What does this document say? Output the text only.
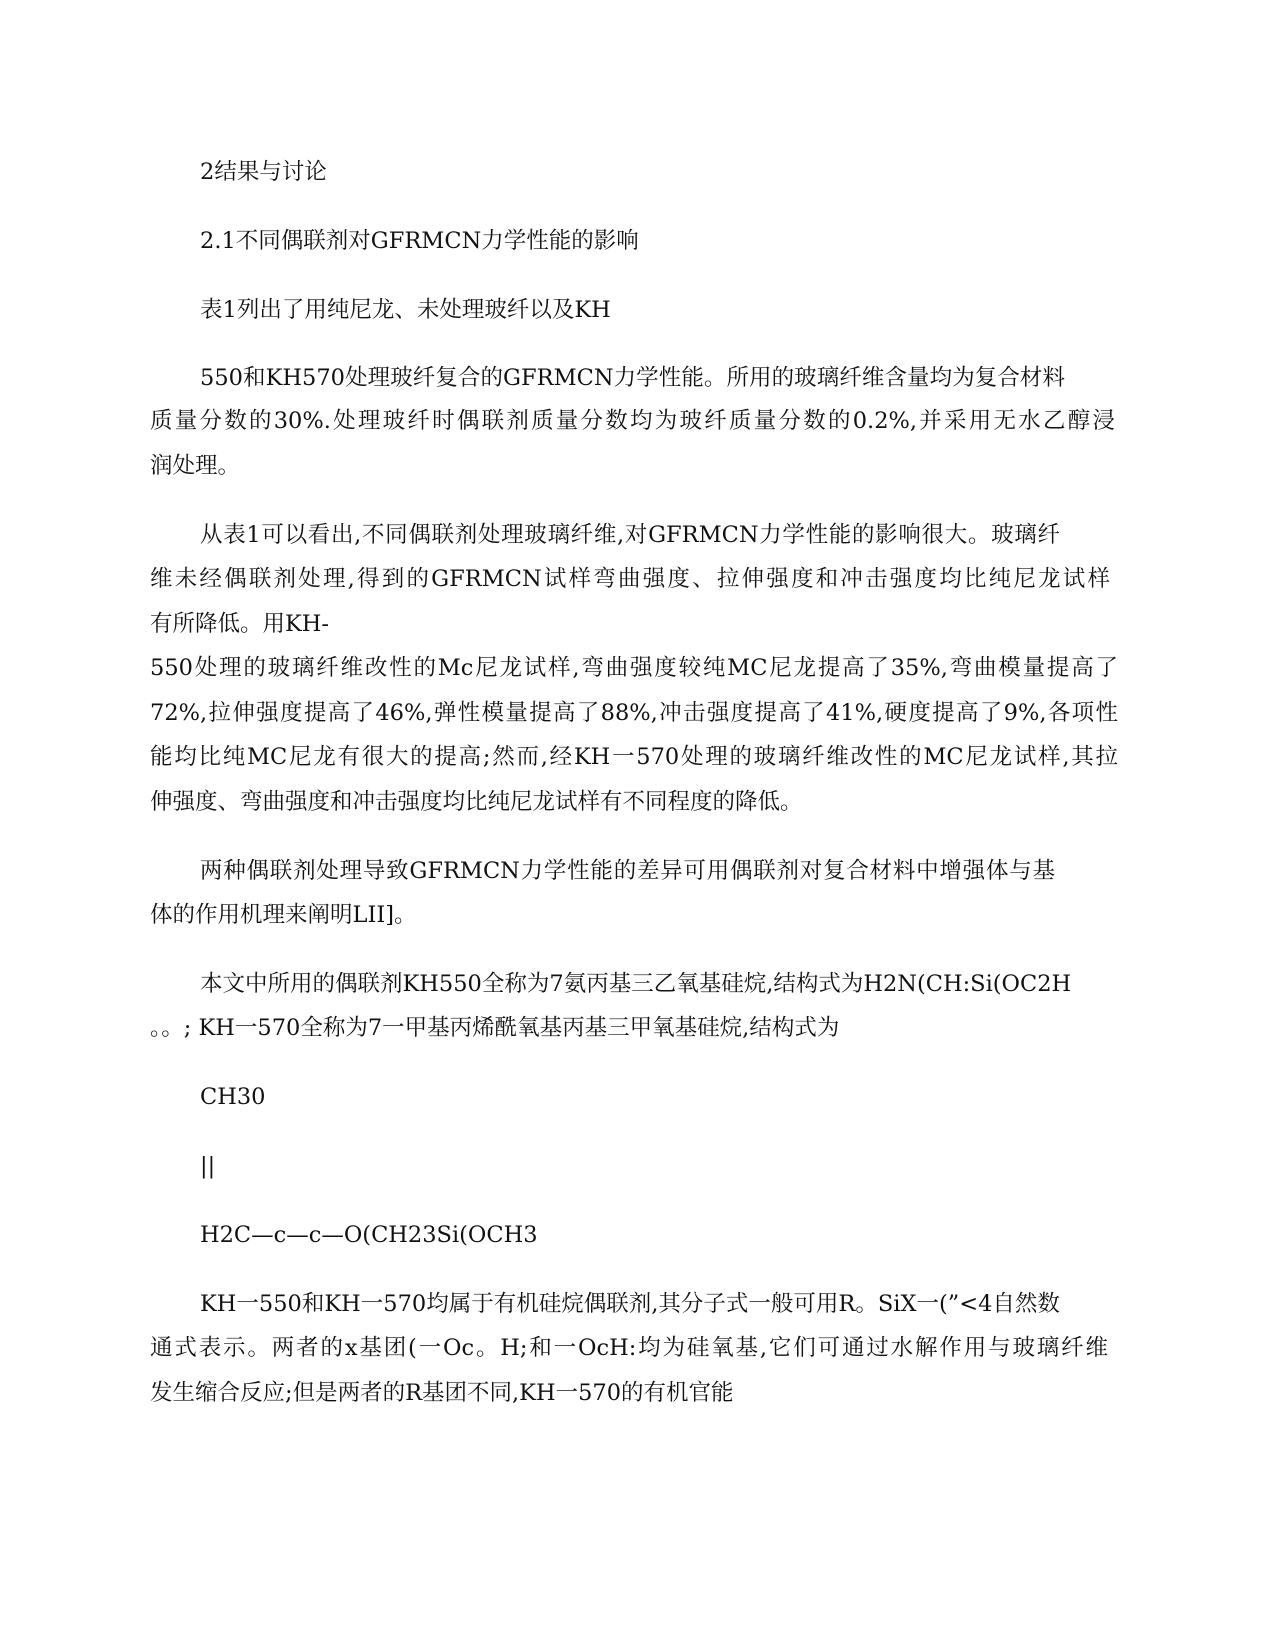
2结果与讨论
2.1不同偶联剂对GFRMCN力学性能的影响
表1列出了用纯尼龙、未处理玻纤以及KH
550和KH570处理玻纤复合的GFRMCN力学性能。所用的玻璃纤维含量均为复合材料
质量分数的30%.处理玻纤时偶联剂质量分数均为玻纤质量分数的0.2%,并采用无水乙醇浸
润处理。
从表1可以看出,不同偶联剂处理玻璃纤维,对GFRMCN力学性能的影响很大。玻璃纤
维未经偶联剂处理,得到的GFRMCN试样弯曲强度、拉伸强度和冲击强度均比纯尼龙试样
有所降低。用KH-
550处理的玻璃纤维改性的Mc尼龙试样,弯曲强度较纯MC尼龙提高了35%,弯曲模量提高了
72%,拉伸强度提高了46%,弹性模量提高了88%,冲击强度提高了41%,硬度提高了9%,各项性
能均比纯MC尼龙有很大的提高;然而,经KH一570处理的玻璃纤维改性的MC尼龙试样,其拉
伸强度、弯曲强度和冲击强度均比纯尼龙试样有不同程度的降低。
两种偶联剂处理导致GFRMCN力学性能的差异可用偶联剂对复合材料中增强体与基
体的作用机理来阐明LII]。
本文中所用的偶联剂KH550全称为7氨丙基三乙氧基硅烷,结构式为H2N(CH:Si(OC2H
。。; KH一570全称为7一甲基丙烯酰氧基丙基三甲氧基硅烷,结构式为
CH30
||
H2C—c—c—O(CH23Si(OCH3
KH一550和KH一570均属于有机硅烷偶联剂,其分子式一般可用R。SiX一(”<4自然数
通式表示。两者的x基团(一Oc。H;和一OcH:均为硅氧基,它们可通过水解作用与玻璃纤维
发生缩合反应;但是两者的R基团不同,KH一570的有机官能
